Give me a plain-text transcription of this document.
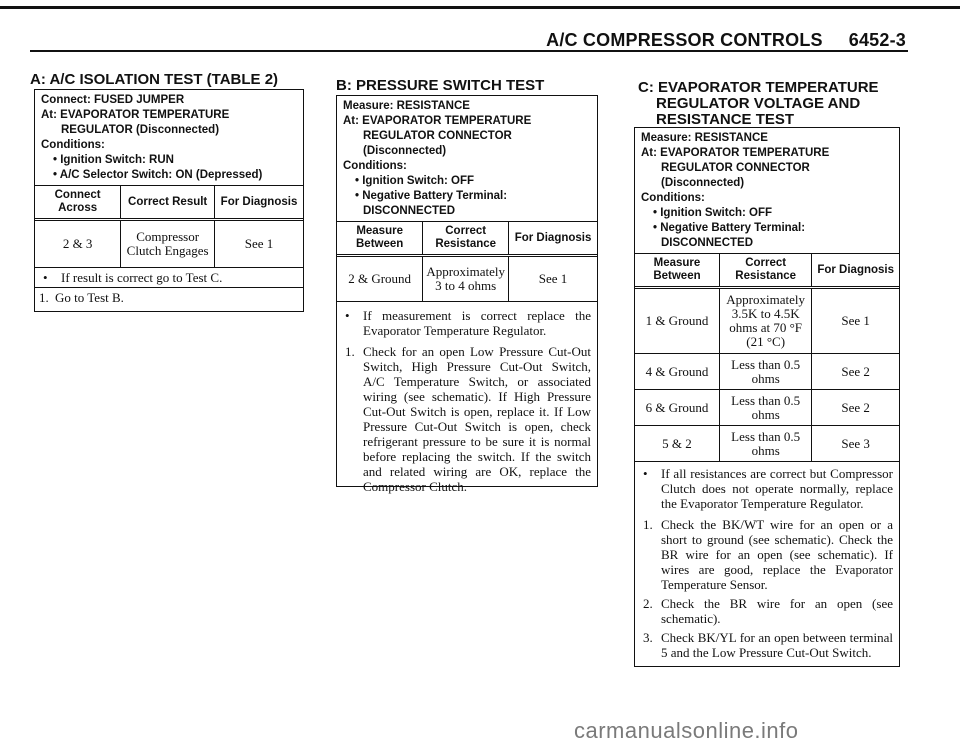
A/C COMPRESSOR CONTROLS 6452-3
A: A/C ISOLATION TEST (TABLE 2)
Connect: FUSED JUMPER
At: EVAPORATOR TEMPERATURE
REGULATOR (Disconnected)
Conditions:
• Ignition Switch: RUN
• A/C Selector Switch: ON (Depressed)
Connect Across	Correct Result	For Diagnosis
2 & 3	Compressor Clutch Engages	See 1
• If result is correct go to Test C.
1. Go to Test B.
B: PRESSURE SWITCH TEST
Measure: RESISTANCE
At: EVAPORATOR TEMPERATURE
REGULATOR CONNECTOR
(Disconnected)
Conditions:
• Ignition Switch: OFF
• Negative Battery Terminal:
DISCONNECTED
Measure Between	Correct Resistance	For Diagnosis
2 & Ground	Approximately 3 to 4 ohms	See 1
• If measurement is correct replace the Evaporator Temperature Regulator.
1. Check for an open Low Pressure Cut-Out Switch, High Pressure Cut-Out Switch, A/C Temperature Switch, or associated wiring (see schematic). If High Pressure Cut-Out Switch is open, replace it. If Low Pressure Cut-Out Switch is open, check refrigerant pressure to be sure it is normal before replacing the switch. If the switch and related wiring are OK, replace the Compressor Clutch.
C: EVAPORATOR TEMPERATURE
REGULATOR VOLTAGE AND
RESISTANCE TEST
Measure: RESISTANCE
At: EVAPORATOR TEMPERATURE
REGULATOR CONNECTOR
(Disconnected)
Conditions:
• Ignition Switch: OFF
• Negative Battery Terminal:
DISCONNECTED
Measure Between	Correct Resistance	For Diagnosis
1 & Ground	Approximately 3.5K to 4.5K ohms at 70 °F (21 °C)	See 1
4 & Ground	Less than 0.5 ohms	See 2
6 & Ground	Less than 0.5 ohms	See 2
5 & 2	Less than 0.5 ohms	See 3
• If all resistances are correct but Compressor Clutch does not operate normally, replace the Evaporator Temperature Regulator.
1. Check the BK/WT wire for an open or a short to ground (see schematic). Check the BR wire for an open (see schematic). If wires are good, replace the Evaporator Temperature Sensor.
2. Check the BR wire for an open (see schematic).
3. Check BK/YL for an open between terminal 5 and the Low Pressure Cut-Out Switch.
carmanualsonline.info
